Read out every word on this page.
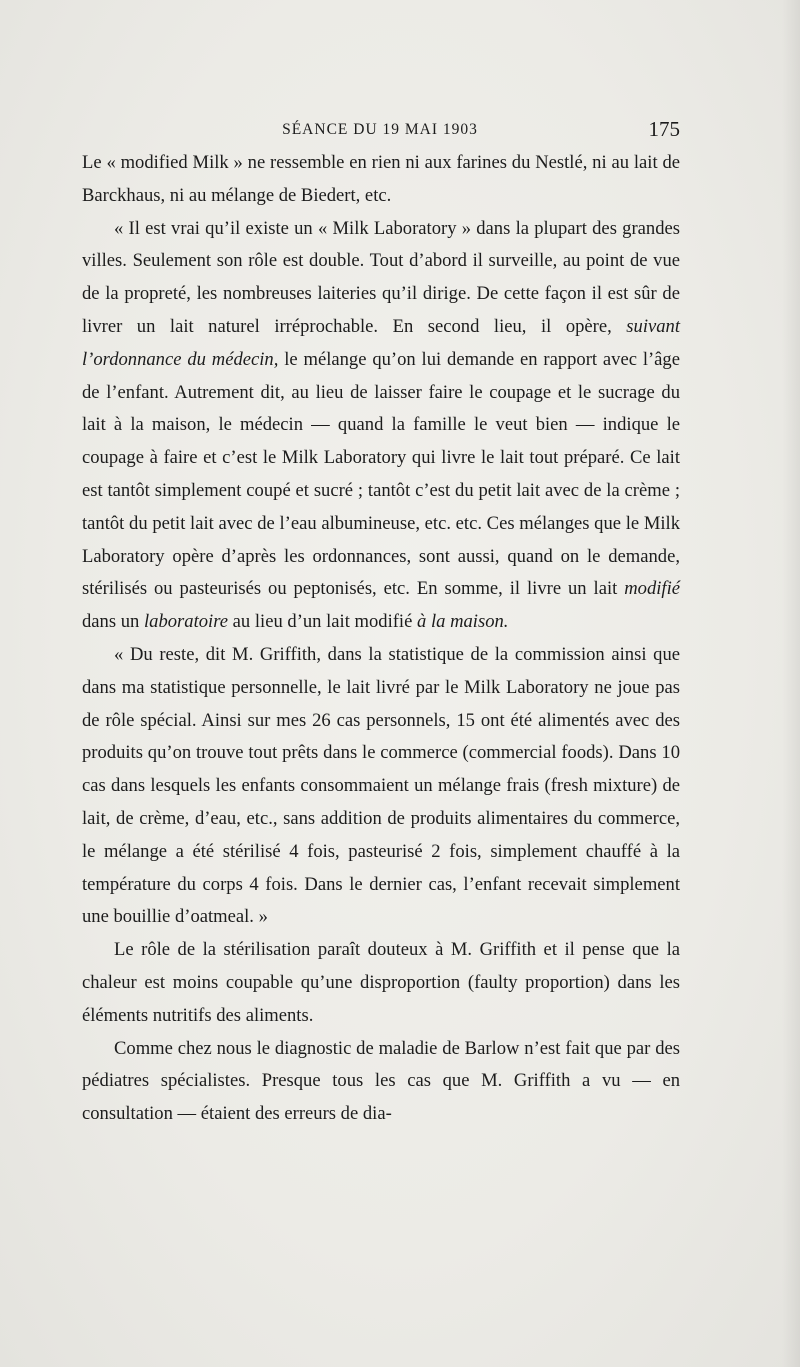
SÉANCE DU 19 MAI 1903	175

Le « modified Milk » ne ressemble en rien ni aux farines du Nestlé, ni au lait de Barckhaus, ni au mélange de Biedert, etc.

« Il est vrai qu’il existe un « Milk Laboratory » dans la plupart des grandes villes. Seulement son rôle est double. Tout d’abord il surveille, au point de vue de la propreté, les nombreuses laiteries qu’il dirige. De cette façon il est sûr de livrer un lait naturel irréprochable. En second lieu, il opère, suivant l’ordonnance du médecin, le mélange qu’on lui demande en rapport avec l’âge de l’enfant. Autrement dit, au lieu de laisser faire le coupage et le sucrage du lait à la maison, le médecin — quand la famille le veut bien — indique le coupage à faire et c’est le Milk Laboratory qui livre le lait tout préparé. Ce lait est tantôt simplement coupé et sucré ; tantôt c’est du petit lait avec de la crème ; tantôt du petit lait avec de l’eau albumineuse, etc. etc. Ces mélanges que le Milk Laboratory opère d’après les ordonnances, sont aussi, quand on le demande, stérilisés ou pasteurisés ou peptonisés, etc. En somme, il livre un lait modifié dans un laboratoire au lieu d’un lait modifié à la maison.

« Du reste, dit M. Griffith, dans la statistique de la commission ainsi que dans ma statistique personnelle, le lait livré par le Milk Laboratory ne joue pas de rôle spécial. Ainsi sur mes 26 cas personnels, 15 ont été alimentés avec des produits qu’on trouve tout prêts dans le commerce (commercial foods). Dans 10 cas dans lesquels les enfants consommaient un mélange frais (fresh mixture) de lait, de crème, d’eau, etc., sans addition de produits alimentaires du commerce, le mélange a été stérilisé 4 fois, pasteurisé 2 fois, simplement chauffé à la température du corps 4 fois. Dans le dernier cas, l’enfant recevait simplement une bouillie d’oatmeal. »

Le rôle de la stérilisation paraît douteux à M. Griffith et il pense que la chaleur est moins coupable qu’une disproportion (faulty proportion) dans les éléments nutritifs des aliments.

Comme chez nous le diagnostic de maladie de Barlow n’est fait que par des pédiatres spécialistes. Presque tous les cas que M. Griffith a vu — en consultation — étaient des erreurs de dia-
